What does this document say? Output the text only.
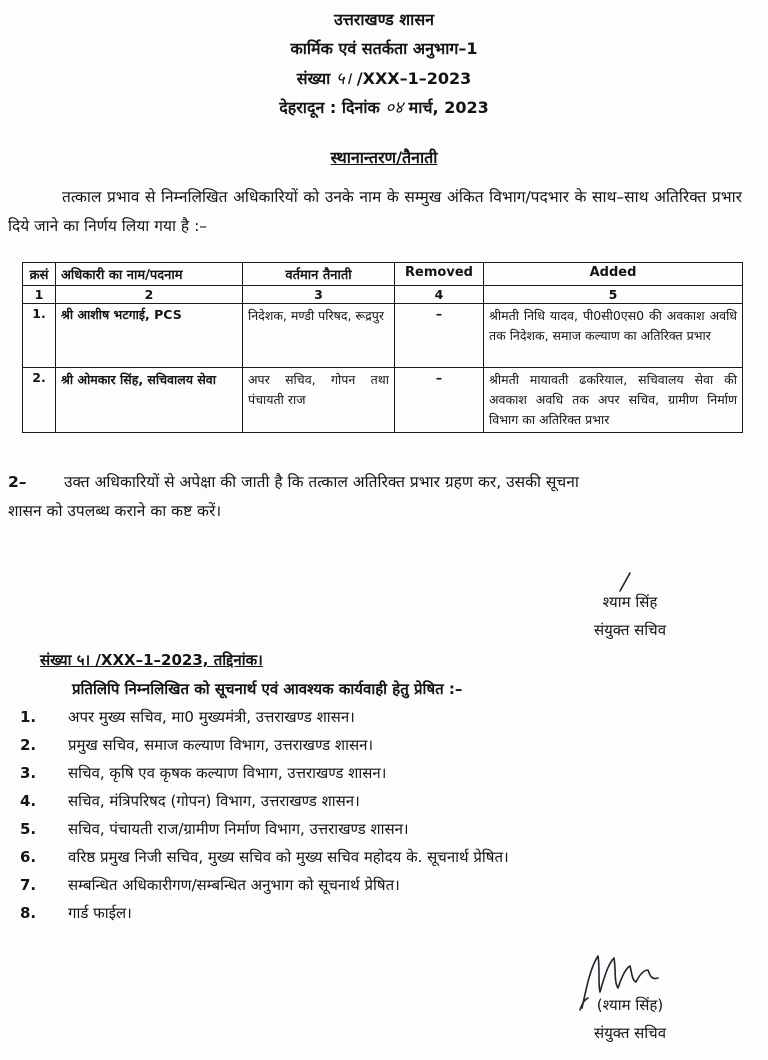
उत्तराखण्ड शासन
कार्मिक एवं सतर्कता अनुभाग–1
संख्या ५। /XXX–1–2023
देहरादून : दिनांक ०४ मार्च, 2023
स्थानान्तरण/तैनाती
तत्काल प्रभाव से निम्नलिखित अधिकारियों को उनके नाम के सम्मुख अंकित विभाग/पदभार के साथ–साथ अतिरिक्त प्रभार दिये जाने का निर्णय लिया गया है :–
क्रसं	अधिकारी का नाम/पदनाम	वर्तमान तैनाती	Removed	Added
1	2	3	4	5
1.	श्री आशीष भटगाई, PCS	निदेशक, मण्डी परिषद, रूद्रपुर	–	श्रीमती निधि यादव, पी0सी0एस0 की अवकाश अवधि तक निदेशक, समाज कल्याण का अतिरिक्त प्रभार
2.	श्री ओमकार सिंह, सचिवालय सेवा	अपर सचिव, गोपन तथा पंचायती राज	–	श्रीमती मायावती ढकरियाल, सचिवालय सेवा की अवकाश अवधि तक अपर सचिव, ग्रामीण निर्माण विभाग का अतिरिक्त प्रभार
2– उक्त अधिकारियों से अपेक्षा की जाती है कि तत्काल अतिरिक्त प्रभार ग्रहण कर, उसकी सूचना
शासन को उपलब्ध कराने का कष्ट करें।
श्याम सिंह
संयुक्त सचिव
संख्या ५। /XXX–1–2023, तद्दिनांक।
प्रतिलिपि निम्नलिखित को सूचनार्थ एवं आवश्यक कार्यवाही हेतु प्रेषित :–
1. अपर मुख्य सचिव, मा0 मुख्यमंत्री, उत्तराखण्ड शासन।
2. प्रमुख सचिव, समाज कल्याण विभाग, उत्तराखण्ड शासन।
3. सचिव, कृषि एव कृषक कल्याण विभाग, उत्तराखण्ड शासन।
4. सचिव, मंत्रिपरिषद (गोपन) विभाग, उत्तराखण्ड शासन।
5. सचिव, पंचायती राज/ग्रामीण निर्माण विभाग, उत्तराखण्ड शासन।
6. वरिष्ठ प्रमुख निजी सचिव, मुख्य सचिव को मुख्य सचिव महोदय के. सूचनार्थ प्रेषित।
7. सम्बन्धित अधिकारीगण/सम्बन्धित अनुभाग को सूचनार्थ प्रेषित।
8. गार्ड फाईल।
(श्याम सिंह)
संयुक्त सचिव
